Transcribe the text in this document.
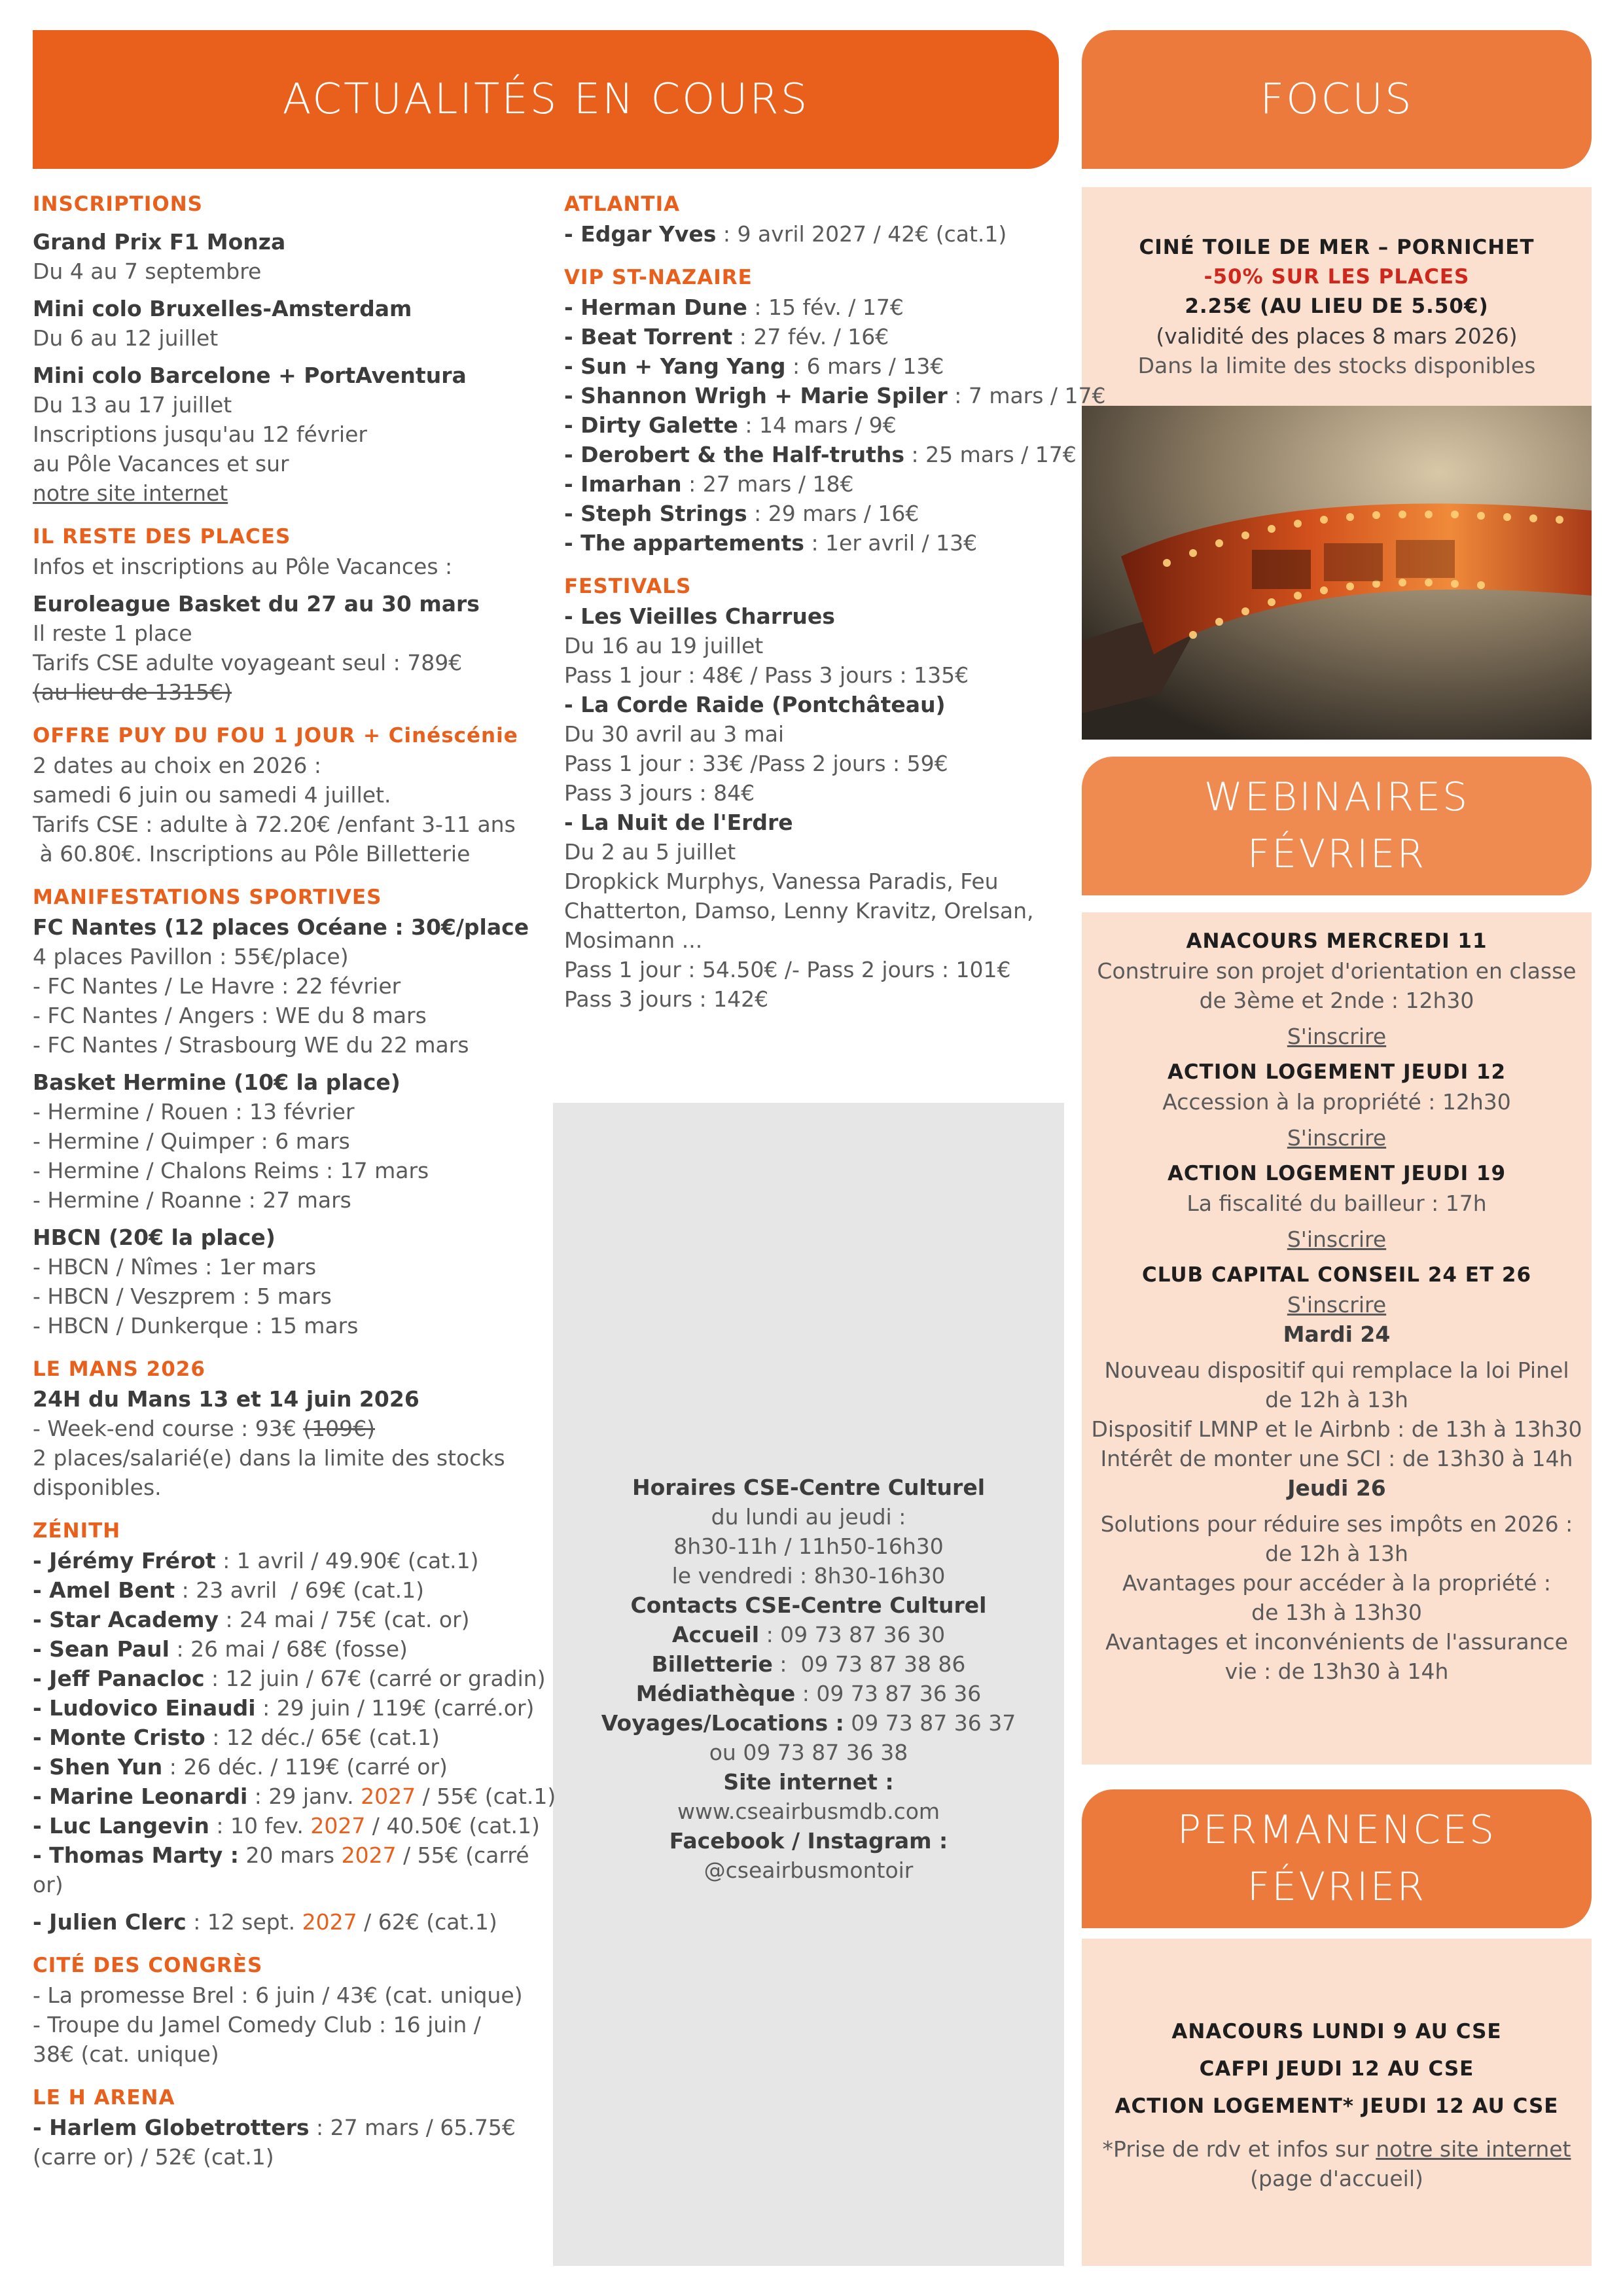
ACTUALITÉS EN COURS	FOCUS
WEBINAIRES
FÉVRIER
PERMANENCES
FÉVRIER
INSCRIPTIONS
Grand Prix F1 Monza
Du 4 au 7 septembre
Mini colo Bruxelles-Amsterdam
Du 6 au 12 juillet
Mini colo Barcelone + PortAventura
Du 13 au 17 juillet
Inscriptions jusqu'au 12 février
au Pôle Vacances et sur
notre site internet
IL RESTE DES PLACES
Infos et inscriptions au Pôle Vacances :
Euroleague Basket du 27 au 30 mars
Il reste 1 place
Tarifs CSE adulte voyageant seul : 789€
(au lieu de 1315€)
OFFRE PUY DU FOU 1 JOUR + Cinéscénie
2 dates au choix en 2026 :
samedi 6 juin ou samedi 4 juillet.
Tarifs CSE : adulte à 72.20€ /enfant 3-11 ans
à 60.80€. Inscriptions au Pôle Billetterie
MANIFESTATIONS SPORTIVES
FC Nantes (12 places Océane : 30€/place
4 places Pavillon : 55€/place)
- FC Nantes / Le Havre : 22 février
- FC Nantes / Angers : WE du 8 mars
- FC Nantes / Strasbourg WE du 22 mars
Basket Hermine (10€ la place)
- Hermine / Rouen : 13 février
- Hermine / Quimper : 6 mars
- Hermine / Chalons Reims : 17 mars
- Hermine / Roanne : 27 mars
HBCN (20€ la place)
- HBCN / Nîmes : 1er mars
- HBCN / Veszprem : 5 mars
- HBCN / Dunkerque : 15 mars
LE MANS 2026
24H du Mans 13 et 14 juin 2026
- Week-end course : 93€ (109€)
2 places/salarié(e) dans la limite des stocks
disponibles.
ZÉNITH
- Jérémy Frérot : 1 avril / 49.90€ (cat.1)
- Amel Bent : 23 avril  / 69€ (cat.1)
- Star Academy : 24 mai / 75€ (cat. or)
- Sean Paul : 26 mai / 68€ (fosse)
- Jeff Panacloc : 12 juin / 67€ (carré or gradin)
- Ludovico Einaudi : 29 juin / 119€ (carré.or)
- Monte Cristo : 12 déc./ 65€ (cat.1)
- Shen Yun : 26 déc. / 119€ (carré or)
- Marine Leonardi : 29 janv. 2027 / 55€ (cat.1)
- Luc Langevin : 10 fev. 2027 / 40.50€ (cat.1)
- Thomas Marty : 20 mars 2027 / 55€ (carré
or)
- Julien Clerc : 12 sept. 2027 / 62€ (cat.1)
CITÉ DES CONGRÈS
- La promesse Brel : 6 juin / 43€ (cat. unique)
- Troupe du Jamel Comedy Club : 16 juin /
38€ (cat. unique)
LE H ARENA
- Harlem Globetrotters : 27 mars / 65.75€
(carre or) / 52€ (cat.1)
ATLANTIA
- Edgar Yves : 9 avril 2027 / 42€ (cat.1)
VIP ST-NAZAIRE
- Herman Dune : 15 fév. / 17€
- Beat Torrent : 27 fév. / 16€
- Sun + Yang Yang : 6 mars / 13€
- Shannon Wrigh + Marie Spiler : 7 mars / 17€
- Dirty Galette : 14 mars / 9€
- Derobert & the Half-truths : 25 mars / 17€
- Imarhan : 27 mars / 18€
- Steph Strings : 29 mars / 16€
- The appartements : 1er avril / 13€
FESTIVALS
- Les Vieilles Charrues
Du 16 au 19 juillet
Pass 1 jour : 48€ / Pass 3 jours : 135€
- La Corde Raide (Pontchâteau)
Du 30 avril au 3 mai
Pass 1 jour : 33€ /Pass 2 jours : 59€
Pass 3 jours : 84€
- La Nuit de l'Erdre
Du 2 au 5 juillet
Dropkick Murphys, Vanessa Paradis, Feu
Chatterton, Damso, Lenny Kravitz, Orelsan,
Mosimann ...
Pass 1 jour : 54.50€ /- Pass 2 jours : 101€
Pass 3 jours : 142€
Horaires CSE-Centre Culturel
du lundi au jeudi :
8h30-11h / 11h50-16h30
le vendredi : 8h30-16h30
Contacts CSE-Centre Culturel
Accueil : 09 73 87 36 30
Billetterie :  09 73 87 38 86
Médiathèque : 09 73 87 36 36
Voyages/Locations : 09 73 87 36 37
ou 09 73 87 36 38
Site internet :
www.cseairbusmdb.com
Facebook / Instagram :
@cseairbusmontoir
CINÉ TOILE DE MER – PORNICHET
-50% SUR LES PLACES
2.25€ (AU LIEU DE 5.50€)
(validité des places 8 mars 2026)
Dans la limite des stocks disponibles
ANACOURS MERCREDI 11
Construire son projet d'orientation en classe
de 3ème et 2nde : 12h30
S'inscrire
ACTION LOGEMENT JEUDI 12
Accession à la propriété : 12h30
S'inscrire
ACTION LOGEMENT JEUDI 19
La fiscalité du bailleur : 17h
S'inscrire
CLUB CAPITAL CONSEIL 24 ET 26
S'inscrire
Mardi 24
Nouveau dispositif qui remplace la loi Pinel
de 12h à 13h
Dispositif LMNP et le Airbnb : de 13h à 13h30
Intérêt de monter une SCI : de 13h30 à 14h
Jeudi 26
Solutions pour réduire ses impôts en 2026 :
de 12h à 13h
Avantages pour accéder à la propriété :
de 13h à 13h30
Avantages et inconvénients de l'assurance
vie : de 13h30 à 14h
ANACOURS LUNDI 9 AU CSE
CAFPI JEUDI 12 AU CSE
ACTION LOGEMENT* JEUDI 12 AU CSE
*Prise de rdv et infos sur notre site internet
(page d'accueil)
